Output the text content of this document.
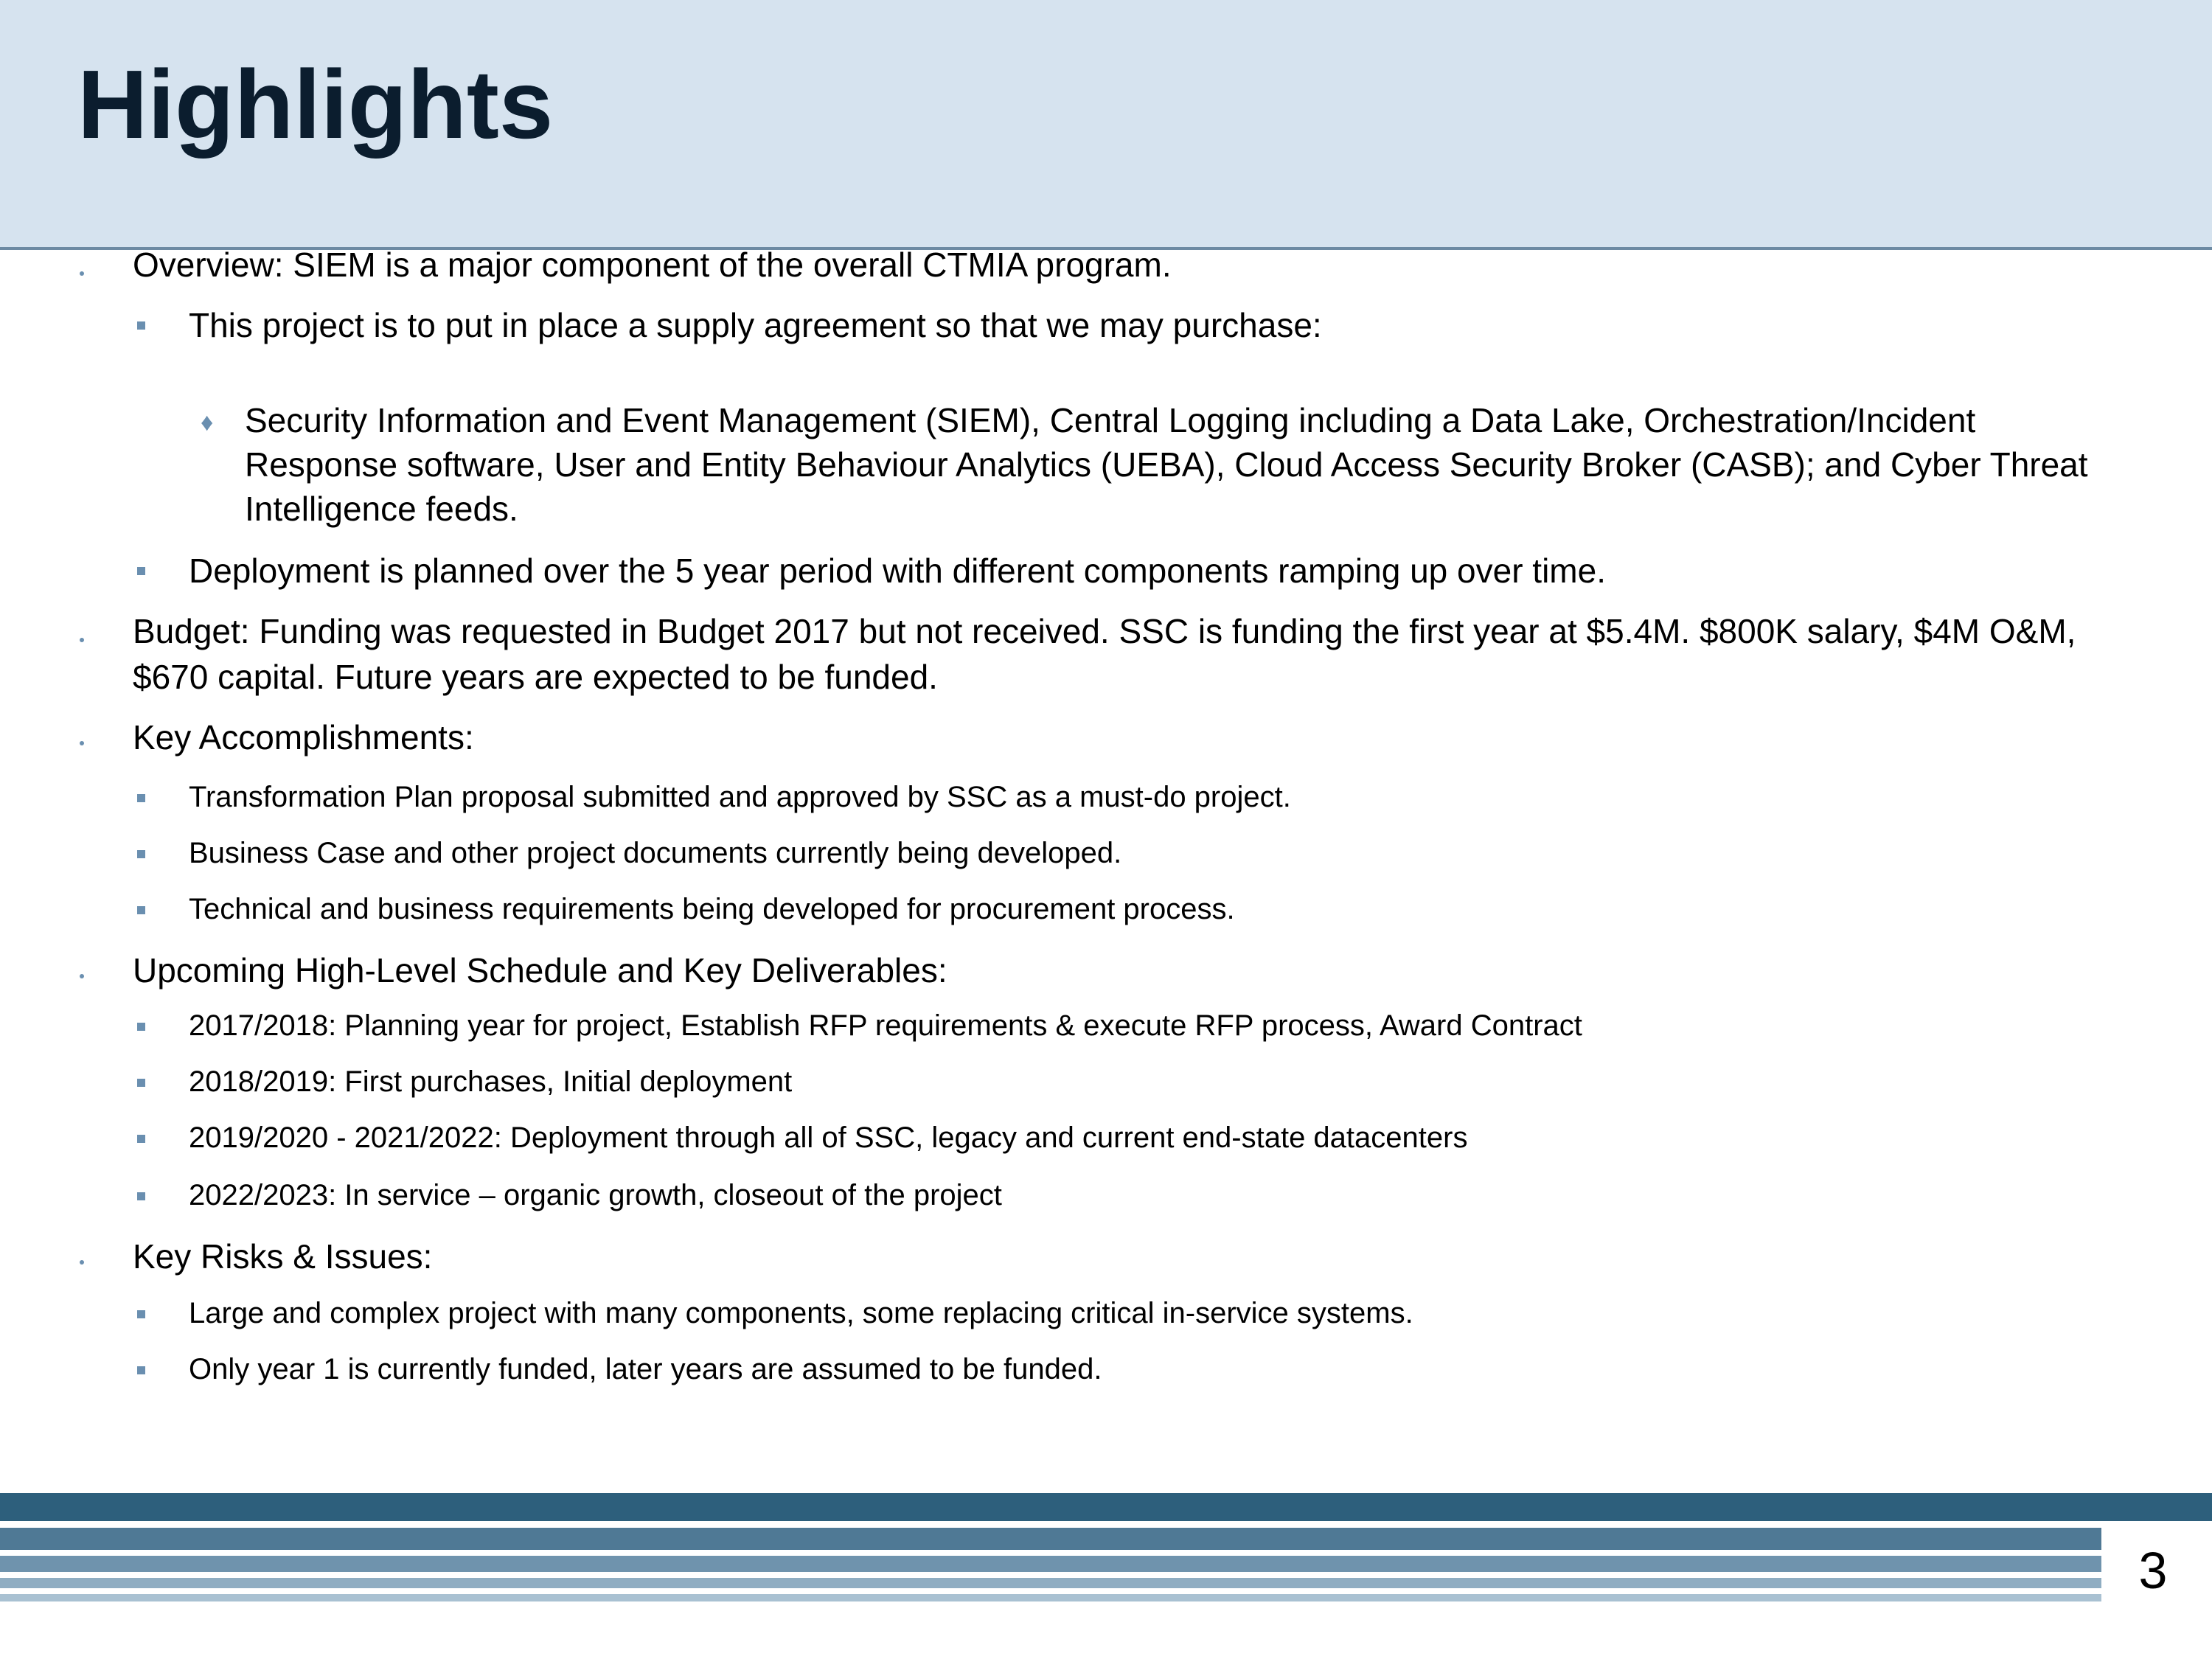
Highlights
Overview: SIEM is a major component of the overall CTMIA program.
This project is to put in place a supply agreement so that we may purchase:
♦ Security Information and Event Management (SIEM), Central Logging including a Data Lake, Orchestration/Incident Response software, User and Entity Behaviour Analytics (UEBA), Cloud Access Security Broker (CASB); and Cyber Threat Intelligence feeds.
Deployment is planned over the 5 year period with different components ramping up over time.
Budget: Funding was requested in Budget 2017 but not received. SSC is funding the first year at $5.4M. $800K salary, $4M O&M, $670 capital. Future years are expected to be funded.
Key Accomplishments:
Transformation Plan proposal submitted and approved by SSC as a must-do project.
Business Case and other project documents currently being developed.
Technical and business requirements being developed for procurement process.
Upcoming High-Level Schedule and Key Deliverables:
2017/2018: Planning year for project, Establish RFP requirements & execute RFP process, Award Contract
2018/2019: First purchases, Initial deployment
2019/2020 - 2021/2022: Deployment through all of SSC, legacy and current end-state datacenters
2022/2023: In service – organic growth, closeout of the project
Key Risks & Issues:
Large and complex project with many components, some replacing critical in-service systems.
Only year 1 is currently funded, later years are assumed to be funded.
3
